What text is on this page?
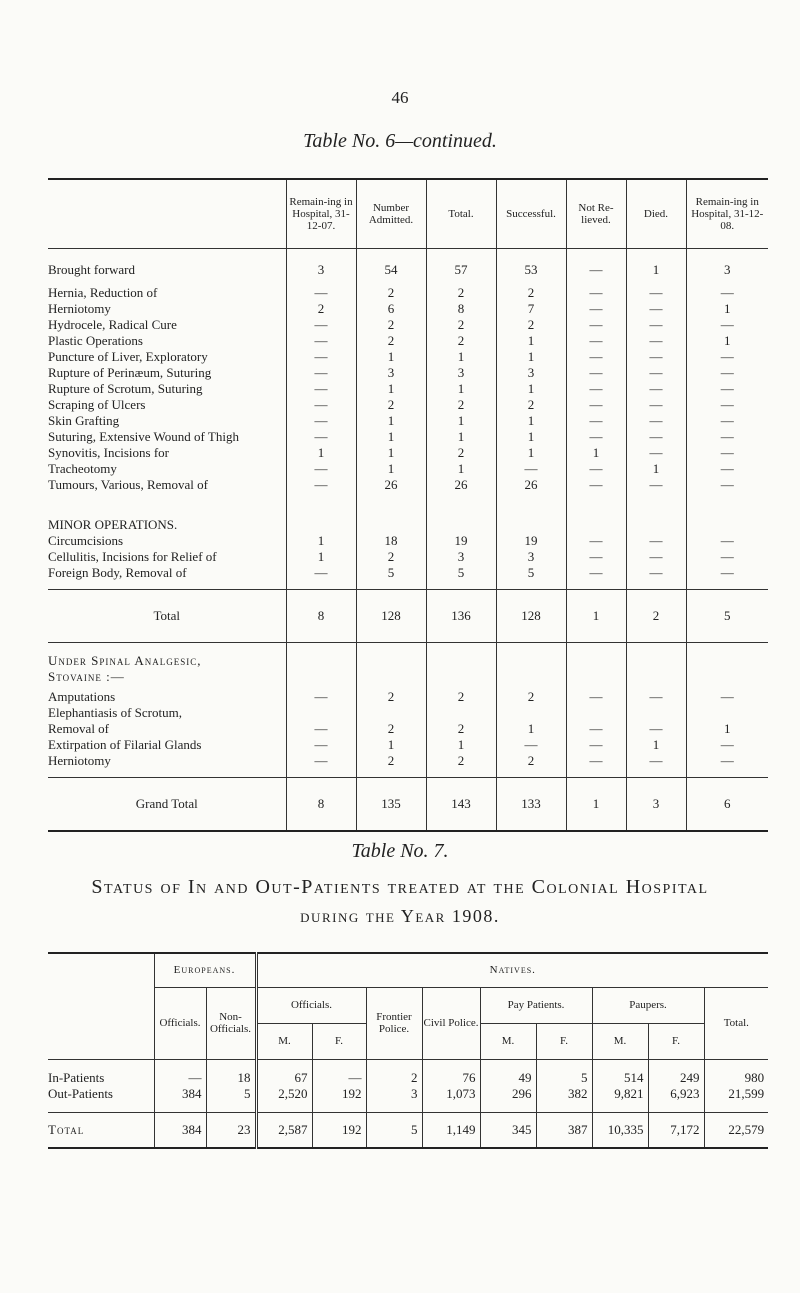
46
Table No. 6—continued.
	Remain-ing in Hospital, 31-12-07.	Number Admitted.	Total.	Successful.	Not Re-lieved.	Died.	Remain-ing in Hospital, 31-12-08.

Brought forward	3	54	57	53	—	1	3
Hernia, Reduction of	—	2	2	2	—	—	—
Herniotomy	2	6	8	7	—	—	1
Hydrocele, Radical Cure	—	2	2	2	—	—	—
Plastic Operations	—	2	2	1	—	—	1
Puncture of Liver, Exploratory	—	1	1	1	—	—	—
Rupture of Perinæum, Suturing	—	3	3	3	—	—	—
Rupture of Scrotum, Suturing	—	1	1	1	—	—	—
Scraping of Ulcers	—	2	2	2	—	—	—
Skin Grafting	—	1	1	1	—	—	—
Suturing, Extensive Wound of Thigh	—	1	1	1	—	—	—
Synovitis, Incisions for	1	1	2	1	1	—	—
Tracheotomy	—	1	1	—	—	1	—
Tumours, Various, Removal of	—	26	26	26	—	—	—

MINOR OPERATIONS.							
Circumcisions	1	18	19	19	—	—	—
Cellulitis, Incisions for Relief of	1	2	3	3	—	—	—
Foreign Body, Removal of	—	5	5	5	—	—	—

Total	8	128	136	128	1	2	5

Under Spinal Analgesic,							
Stovaine :—							

Amputations	—	2	2	2	—	—	—
Elephantiasis of Scrotum,							
Removal of	—	2	2	1	—	—	1
Extirpation of Filarial Glands	—	1	1	—	—	1	—
Herniotomy	—	2	2	2	—	—	—

Grand Total	8	135	143	133	1	3	6
Table No. 7.
Status of In and Out-Patients treated at the Colonial Hospital
during the Year 1908.
	Europeans.		Natives.								
	Officials.	Non-Officials.	Officials.		Frontier Police.	Civil Police.	Pay Patients.		Paupers.		Total.
			M.	F.			M.	F.	M.	F.	

In-Patients	—	18	67	—	2	76	49	5	514	249	980
Out-Patients	384	5	2,520	192	3	1,073	296	382	9,821	6,923	21,599

Total	384	23	2,587	192	5	1,149	345	387	10,335	7,172	22,579
